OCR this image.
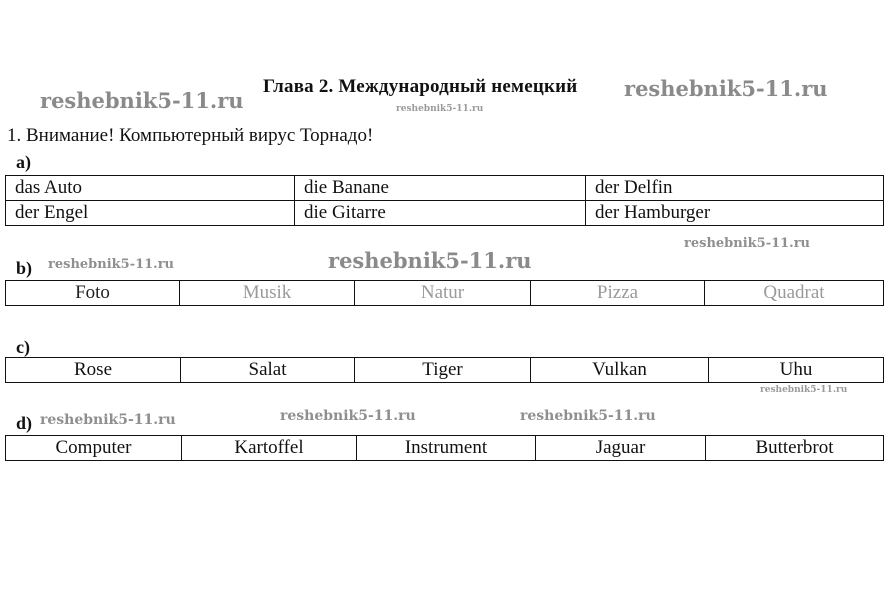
Глава 2. Международный немецкий
reshebnik5-11.ru	reshebnik5-11.ru
reshebnik5-11.ru
1. Внимание! Компьютерный вирус Торнадо!
a)
das Auto	die Banane	der Delfin
der Engel	die Gitarre	der Hamburger
reshebnik5-11.ru
b) reshebnik5-11.ru	reshebnik5-11.ru
Foto	Musik	Natur	Pizza	Quadrat
c)
Rose	Salat	Tiger	Vulkan	Uhu
reshebnik5-11.ru
d) reshebnik5-11.ru	reshebnik5-11.ru	reshebnik5-11.ru
Computer	Kartoffel	Instrument	Jaguar	Butterbrot
